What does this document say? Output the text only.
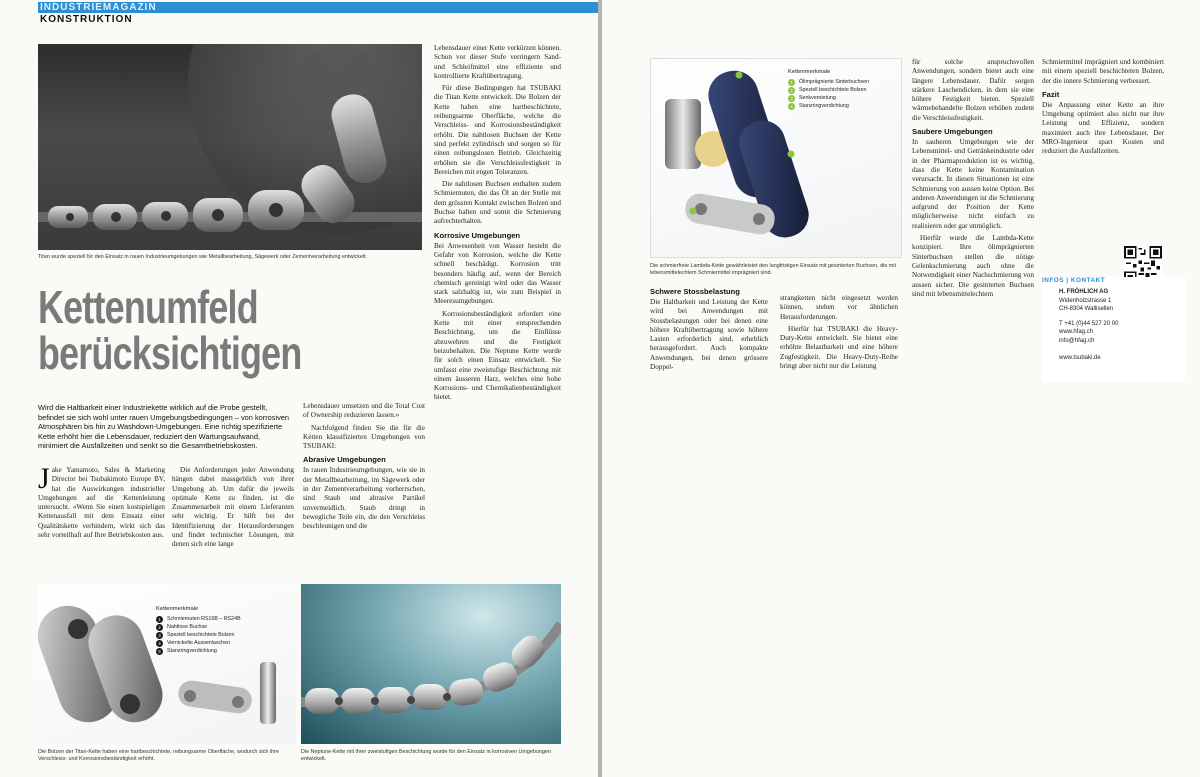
INDUSTRIEMAGAZIN
KONSTRUKTION
Titan wurde speziell für den Einsatz in rauen Industrieumgebungen wie Metallbearbeitung, Sägewerk oder Zementverarbeitung entwickelt.
Kettenumfeld
berücksichtigen
Wird die Haltbarkeit einer Industriekette wirklich auf die Probe gestellt, befindet sie sich wohl unter rauen Umgebungsbedingungen – von korrosiven Atmosphären bis hin zu Washdown-Umgebungen. Eine richtig spezifizierte Kette erhöht hier die Lebensdauer, reduziert den Wartungsaufwand, minimiert die Ausfallzeiten und senkt so die Gesamtbetriebskosten.

Jake Yamamoto, Sales & Marketing Director bei Tsubakimoto Europe BV, hat die Auswirkungen industrieller Umgebungen auf die Kettenleistung untersucht. «Wenn Sie einen kostspieligen Kettenausfall mit dem Einsatz einer Qualitätskette verhindern, wirkt sich das sehr vorteilhaft auf Ihre Betriebskosten aus.

Die Anforderungen jeder Anwendung hängen dabei massgeblich von ihrer Umgebung ab. Um dafür die jeweils optimale Kette zu finden, ist die Zusammenarbeit mit einem Lieferanten sehr wichtig. Er hilft bei der Identifizierung der Herausforderungen und findet technischer Lösungen, mit denen sich eine lange

Lebensdauer umsetzen und die Total Cost of Ownership reduzieren lassen.»

Nachfolgend finden Sie die für die Ketten klassifizierten Umgebungen von TSUBAKI:

Abrasive Umgebungen

In rauen Industrieumgebungen, wie sie in der Metallbearbeitung, im Sägewerk oder in der Zementverarbeitung vorherrschen, sind Staub und abrasive Partikel unvermeidlich. Staub dringt in bewegliche Teile ein, die den Verschleiss beschleunigen und die

Lebensdauer einer Kette verkürzen können. Schon vor dieser Stufe verringern Sand- und Schleifmittel eine effiziente und kontrollierte Kraftübertragung.

Für diese Bedingungen hat TSUBAKI die Titan Kette entwickelt. Die Bolzen der Kette haben eine hartbeschichtete, reibungsarme Oberfläche, welche die Verschleiss- und Korrosionsbeständigkeit erhöht. Die nahtlosen Buchsen der Kette sind perfekt zylindrisch und sorgen so für einen reibungslosen Betrieb. Gleichzeitig erhöhen sie die Verschleissfestigkeit in Bereichen mit engen Toleranzen.

Die nahtlosen Buchsen enthalten zudem Schmiernuten, die das Öl an der Stelle mit dem grössten Kontakt zwischen Bolzen und Buchse halten und somit die Schmierung aufrechterhalten.

Korrosive Umgebungen

Bei Anwesenheit von Wasser besteht die Gefahr von Korrosion, welche die Kette schnell beschädigt. Korrosion tritt besonders häufig auf, wenn der Bereich chemisch gereinigt wird oder das Wasser stark salzhaltig ist, wie zum Beispiel in Meeresumgebungen.

Korrosionsbeständigkeit erfordert eine Kette mit einer entsprechenden Beschichtung, um die Einflüsse abzuwehren und die Festigkeit beizubehalten. Die Neptune Kette wurde für solch einen Einsatz entwickelt. Sie umfasst eine zweistufige Beschichtung mit einem äusseren Harz, welches eine hohe Korrosions- und Chemikalienbeständigkeit bietet.

Kettenmerkmale
1	Schmiernuten RS16B – RS24B
2	Nahtlose Buchse
3	Speziell beschichtete Bolzen
4	Vernickelte Aussenlaschen
5	Stanzringverdichtung
Die Bolzen der Titan-Kette haben eine hartbeschichtete, reibungsarme Oberfläche, wodurch sich ihre Verschleiss- und Korrosionsbeständigkeit erhöht.
Die Neptune-Kette mit ihrer zweistufigen Beschichtung wurde für den Einsatz in korrosiven Umgebungen entwickelt.
Kettenmerkmale
1	Ölimprägnierte Sinterbuchsen
2	Speziell beschichtete Bolzen
3	Senkvernietung
4	Stanzringverdichtung
Die schmierfreie Lambda-Kette gewährleistet den langfristigen Einsatz mit gesinterten Buchsen, die mit lebensmittelechtem Schmiermittel imprägniert sind.
Schwere Stossbelastung

Die Haltbarkeit und Leistung der Kette wird bei Anwendungen mit Stossbelastungen oder bei denen eine höhere Kraftübertragung sowie höhere Lasten erforderlich sind, erheblich herausgefordert. Auch kompakte Anwendungen, bei denen grössere Doppel-

strangketten nicht eingesetzt werden können, stehen vor ähnlichen Herausforderungen.

Hierfür hat TSUBAKI die Heavy-Duty-Kette entwickelt. Sie bietet eine erhöhte Belastbarkeit und eine höhere Zugfestigkeit. Die Heavy-Duty-Reihe bringt aber nicht nur die Leistung

für solche anspruchsvollen Anwendungen, sondern bietet auch eine längere Lebensdauer. Dafür sorgen stärkere Laschendicken, in dem sie eine höhere Festigkeit bieten. Speziell wärmebehandelte Bolzen erhöhen zudem die Verschleissfestigkeit.

Saubere Umgebungen

In sauberen Umgebungen wie der Lebensmittel- und Getränkeindustrie oder in der Pharmaproduktion ist es wichtig, dass die Kette keine Kontamination verursacht. In diesen Situationen ist eine Schmierung von aussen keine Option. Bei anderen Anwendungen ist die Schmierung aufgrund der Position der Kette möglicherweise nicht einfach zu realisieren oder gar unmöglich.

Hierfür wurde die Lambda-Kette konzipiert. Ihre ölimprägnierten Sinterbuchsen stellen die nötige Gelenkschmierung auch ohne die Notwendigkeit einer Nachschmierung von aussen sicher. Die gesinterten Buchsen sind mit lebensmittelechtem

Schmiermittel imprägniert und kombiniert mit einem speziell beschichteten Bolzen, der die innere Schmierung verbessert.

Fazit

Die Anpassung einer Kette an ihre Umgebung optimiert also nicht nur ihre Leistung und Effizienz, sondern maximiert auch ihre Lebensdauer. Der MRO-Ingenieur spart Kosten und reduziert die Ausfallzeiten.

INFOS | KONTAKT
H. FRÖHLICH AG
Widenholzstrasse 1
CH-8304 Wallisellen
T +41 (0)44 527 20 00
www.hfag.ch
info@hfag.ch
www.tsubaki.de
